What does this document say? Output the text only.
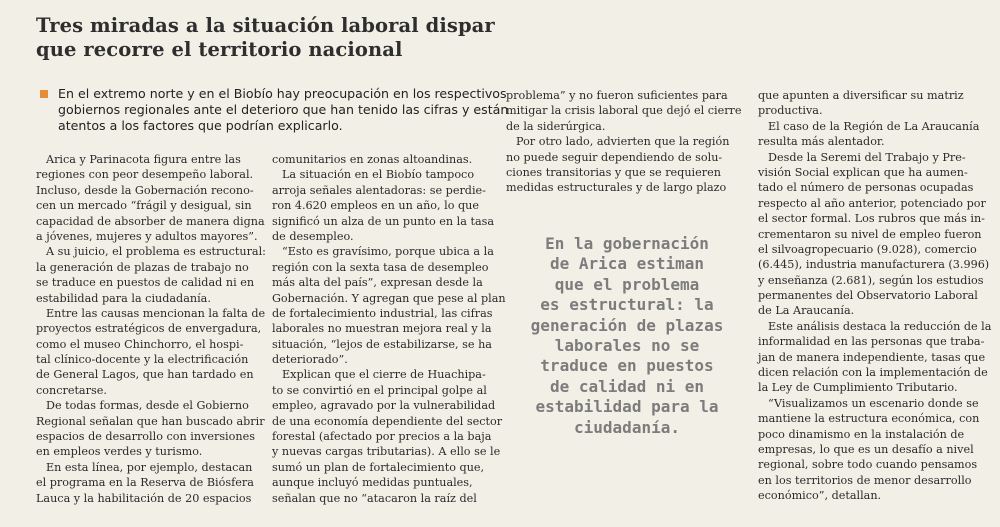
Tres miradas a la situación laboral dispar
que recorre el territorio nacional
En el extremo norte y en el Biobío hay preocupación en los respectivos
gobiernos regionales ante el deterioro que han tenido las cifras y están
atentos a los factores que podrían explicarlo.
Arica y Parinacota figura entre las
regiones con peor desempeño laboral.
Incluso, desde la Gobernación recono-
cen un mercado “frágil y desigual, sin
capacidad de absorber de manera digna
a jóvenes, mujeres y adultos mayores”.
A su juicio, el problema es estructural:
la generación de plazas de trabajo no
se traduce en puestos de calidad ni en
estabilidad para la ciudadanía.
Entre las causas mencionan la falta de
proyectos estratégicos de envergadura,
como el museo Chinchorro, el hospi-
tal clínico-docente y la electrificación
de General Lagos, que han tardado en
concretarse.
De todas formas, desde el Gobierno
Regional señalan que han buscado abrir
espacios de desarrollo con inversiones
en empleos verdes y turismo.
En esta línea, por ejemplo, destacan
el programa en la Reserva de Biósfera
Lauca y la habilitación de 20 espacios
comunitarios en zonas altoandinas.
La situación en el Biobío tampoco
arroja señales alentadoras: se perdie-
ron 4.620 empleos en un año, lo que
significó un alza de un punto en la tasa
de desempleo.
“Esto es gravísimo, porque ubica a la
región con la sexta tasa de desempleo
más alta del país”, expresan desde la
Gobernación. Y agregan que pese al plan
de fortalecimiento industrial, las cifras
laborales no muestran mejora real y la
situación, “lejos de estabilizarse, se ha
deteriorado”.
Explican que el cierre de Huachipa-
to se convirtió en el principal golpe al
empleo, agravado por la vulnerabilidad
de una economía dependiente del sector
forestal (afectado por precios a la baja
y nuevas cargas tributarias). A ello se le
sumó un plan de fortalecimiento que,
aunque incluyó medidas puntuales,
señalan que no “atacaron la raíz del
problema” y no fueron suficientes para
mitigar la crisis laboral que dejó el cierre
de la siderúrgica.
Por otro lado, advierten que la región
no puede seguir dependiendo de solu-
ciones transitorias y que se requieren
medidas estructurales y de largo plazo
que apunten a diversificar su matriz
productiva.
El caso de la Región de La Araucanía
resulta más alentador.
Desde la Seremi del Trabajo y Pre-
visión Social explican que ha aumen-
tado el número de personas ocupadas
respecto al año anterior, potenciado por
el sector formal. Los rubros que más in-
crementaron su nivel de empleo fueron
el silvoagropecuario (9.028), comercio
(6.445), industria manufacturera (3.996)
y enseñanza (2.681), según los estudios
permanentes del Observatorio Laboral
de La Araucanía.
Este análisis destaca la reducción de la
informalidad en las personas que traba-
jan de manera independiente, tasas que
dicen relación con la implementación de
la Ley de Cumplimiento Tributario.
“Visualizamos un escenario donde se
mantiene la estructura económica, con
poco dinamismo en la instalación de
empresas, lo que es un desafío a nivel
regional, sobre todo cuando pensamos
en los territorios de menor desarrollo
económico”, detallan.
En la gobernación
de Arica estiman
que el problema
es estructural: la
generación de plazas
laborales no se
traduce en puestos
de calidad ni en
estabilidad para la
ciudadanía.
